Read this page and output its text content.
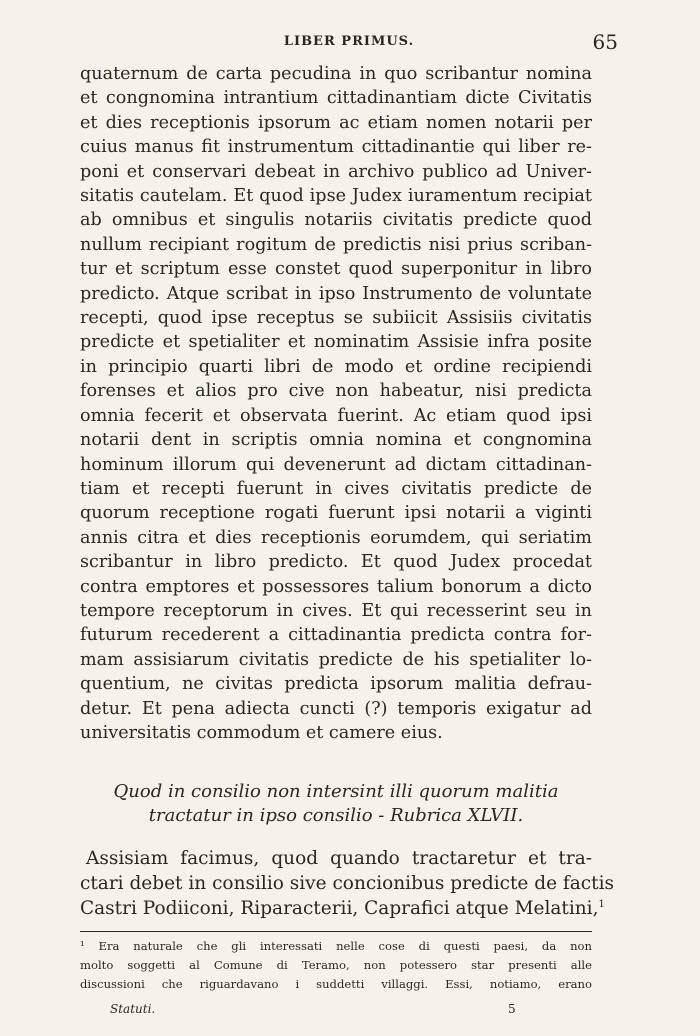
LIBER PRIMUS.	65
quaternum de carta pecudina in quo scribantur nomina
et congnomina intrantium cittadinantiam dicte Civitatis
et dies receptionis ipsorum ac etiam nomen notarii per
cuius manus fit instrumentum cittadinantie qui liber re-
poni et conservari debeat in archivo publico ad Univer-
sitatis cautelam. Et quod ipse Judex iuramentum recipiat
ab omnibus et singulis notariis civitatis predicte quod
nullum recipiant rogitum de predictis nisi prius scriban-
tur et scriptum esse constet quod superponitur in libro
predicto. Atque scribat in ipso Instrumento de voluntate
recepti, quod ipse receptus se subiicit Assisiis civitatis
predicte et spetialiter et nominatim Assisie infra posite
in principio quarti libri de modo et ordine recipiendi
forenses et alios pro cive non habeatur, nisi predicta
omnia fecerit et observata fuerint. Ac etiam quod ipsi
notarii dent in scriptis omnia nomina et congnomina
hominum illorum qui devenerunt ad dictam cittadinan-
tiam et recepti fuerunt in cives civitatis predicte de
quorum receptione rogati fuerunt ipsi notarii a viginti
annis citra et dies receptionis eorumdem, qui seriatim
scribantur in libro predicto. Et quod Judex procedat
contra emptores et possessores talium bonorum a dicto
tempore receptorum in cives. Et qui recesserint seu in
futurum recederent a cittadinantia predicta contra for-
mam assisiarum civitatis predicte de his spetialiter lo-
quentium, ne civitas predicta ipsorum malitia defrau-
detur. Et pena adiecta cuncti (?) temporis exigatur ad
universitatis commodum et camere eius.
Quod in consilio non intersint illi quorum malitia
tractatur in ipso consilio - Rubrica XLVII.
Assisiam facimus, quod quando tractaretur et tra-
ctari debet in consilio sive concionibus predicte de factis
Castri Podiiconi, Riparacterii, Caprafici atque Melatini,$^1$
¹ Era naturale che gli interessati nelle cose di questi paesi, da non
molto soggetti al Comune di Teramo, non potessero star presenti alle
discussioni che riguardavano i suddetti villaggi. Essi, notiamo, erano
Statuti.	5
